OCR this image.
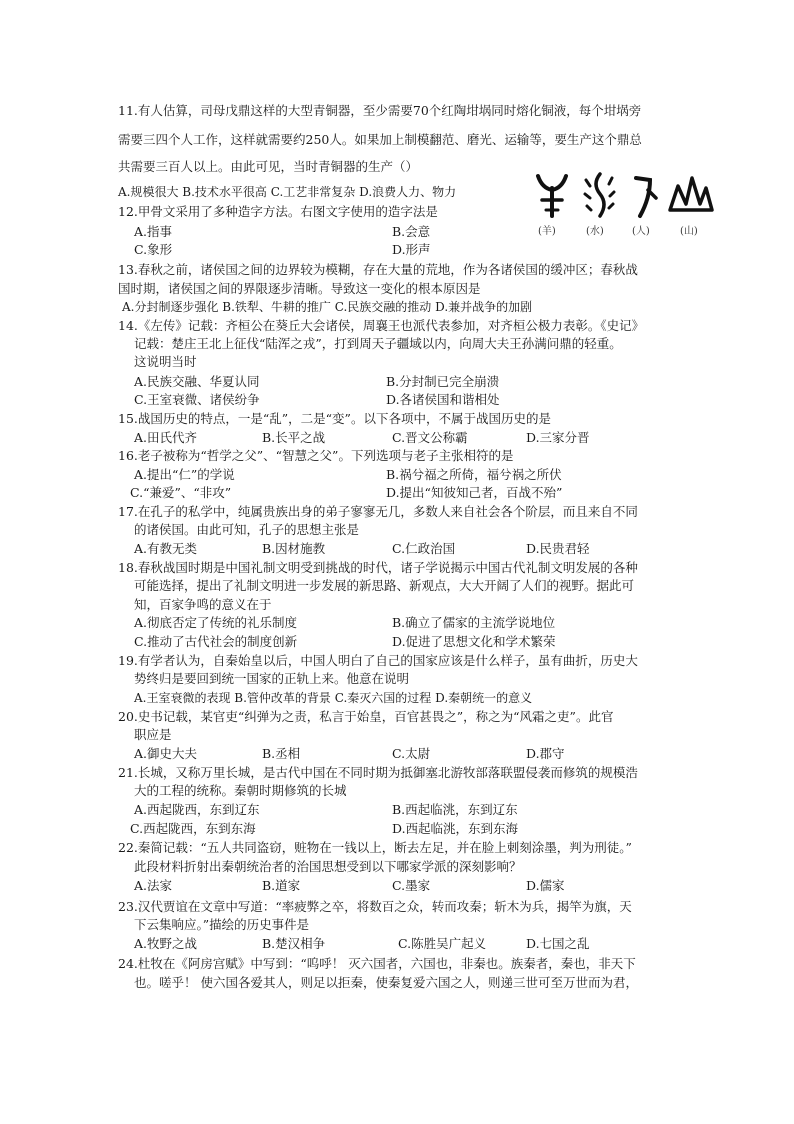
11.有人估算，司母戊鼎这样的大型青铜器，至少需要70个红陶坩埚同时熔化铜液，每个坩埚旁
需要三四个人工作，这样就需要约250人。如果加上制模翻范、磨光、运输等，要生产这个鼎总
共需要三百人以上。由此可见，当时青铜器的生产（）
A.规模很大 B.技术水平很高 C.工艺非常复杂 D.浪费人力、物力
12.甲骨文采用了多种造字方法。右图文字使用的造字法是
A.指事	B.会意
C.象形	D.形声
(羊)	(水)	(人)	(山)
13.春秋之前，诸侯国之间的边界较为模糊，存在大量的荒地，作为各诸侯国的缓冲区；春秋战
国时期，诸侯国之间的界限逐步清晰。导致这一变化的根本原因是
A.分封制逐步强化 B.铁犁、牛耕的推广 C.民族交融的推动 D.兼并战争的加剧
14.《左传》记载：齐桓公在葵丘大会诸侯，周襄王也派代表参加，对齐桓公极力表彰。《史记》
记载：楚庄王北上征伐“陆浑之戎”，打到周天子疆域以内，向周大夫王孙满问鼎的轻重。
这说明当时
A.民族交融、华夏认同	B.分封制已完全崩溃
C.王室衰微、诸侯纷争	D.各诸侯国和谐相处
15.战国历史的特点，一是“乱”，二是“变”。以下各项中，不属于战国历史的是
A.田氏代齐	B.长平之战	C.晋文公称霸	D.三家分晋
16.老子被称为“哲学之父”、“智慧之父”。下列选项与老子主张相符的是
A.提出“仁”的学说	B.祸兮福之所倚，福兮祸之所伏
C.“兼爱”、“非攻”	D.提出“知彼知己者，百战不殆”
17.在孔子的私学中，纯属贵族出身的弟子寥寥无几，多数人来自社会各个阶层，而且来自不同
的诸侯国。由此可知，孔子的思想主张是
A.有教无类	B.因材施教	C.仁政治国	D.民贵君轻
18.春秋战国时期是中国礼制文明受到挑战的时代，诸子学说揭示中国古代礼制文明发展的各种
可能选择，提出了礼制文明进一步发展的新思路、新观点，大大开阔了人们的视野。据此可
知，百家争鸣的意义在于
A.彻底否定了传统的礼乐制度	B.确立了儒家的主流学说地位
C.推动了古代社会的制度创新	D.促进了思想文化和学术繁荣
19.有学者认为，自秦始皇以后，中国人明白了自己的国家应该是什么样子，虽有曲折，历史大
势终归是要回到统一国家的正轨上来。他意在说明
A.王室衰微的表现 B.管仲改革的背景 C.秦灭六国的过程 D.秦朝统一的意义
20.史书记载，某官吏“纠弹为之责，私言于始皇，百官甚畏之”，称之为“风霜之吏”。此官
职应是
A.御史大夫	B.丞相	C.太尉	D.郡守
21.长城，又称万里长城，是古代中国在不同时期为抵御塞北游牧部落联盟侵袭而修筑的规模浩
大的工程的统称。秦朝时期修筑的长城
A.西起陇西，东到辽东	B.西起临洮，东到辽东
C.西起陇西，东到东海	D.西起临洮，东到东海
22.秦简记载：“五人共同盗窃，赃物在一钱以上，断去左足，并在脸上刺刻涂墨，判为刑徒。”
此段材料折射出秦朝统治者的治国思想受到以下哪家学派的深刻影响？
A.法家	B.道家	C.墨家	D.儒家
23.汉代贾谊在文章中写道：“率疲弊之卒，将数百之众，转而攻秦；斩木为兵，揭竿为旗，天
下云集响应。”描绘的历史事件是
A.牧野之战	B.楚汉相争	C.陈胜吴广起义	D.七国之乱
24.杜牧在《阿房宫赋》中写到：“呜呼！ 灭六国者，六国也，非秦也。族秦者，秦也，非天下
也。嗟乎！ 使六国各爱其人，则足以拒秦，使秦复爱六国之人，则递三世可至万世而为君，
